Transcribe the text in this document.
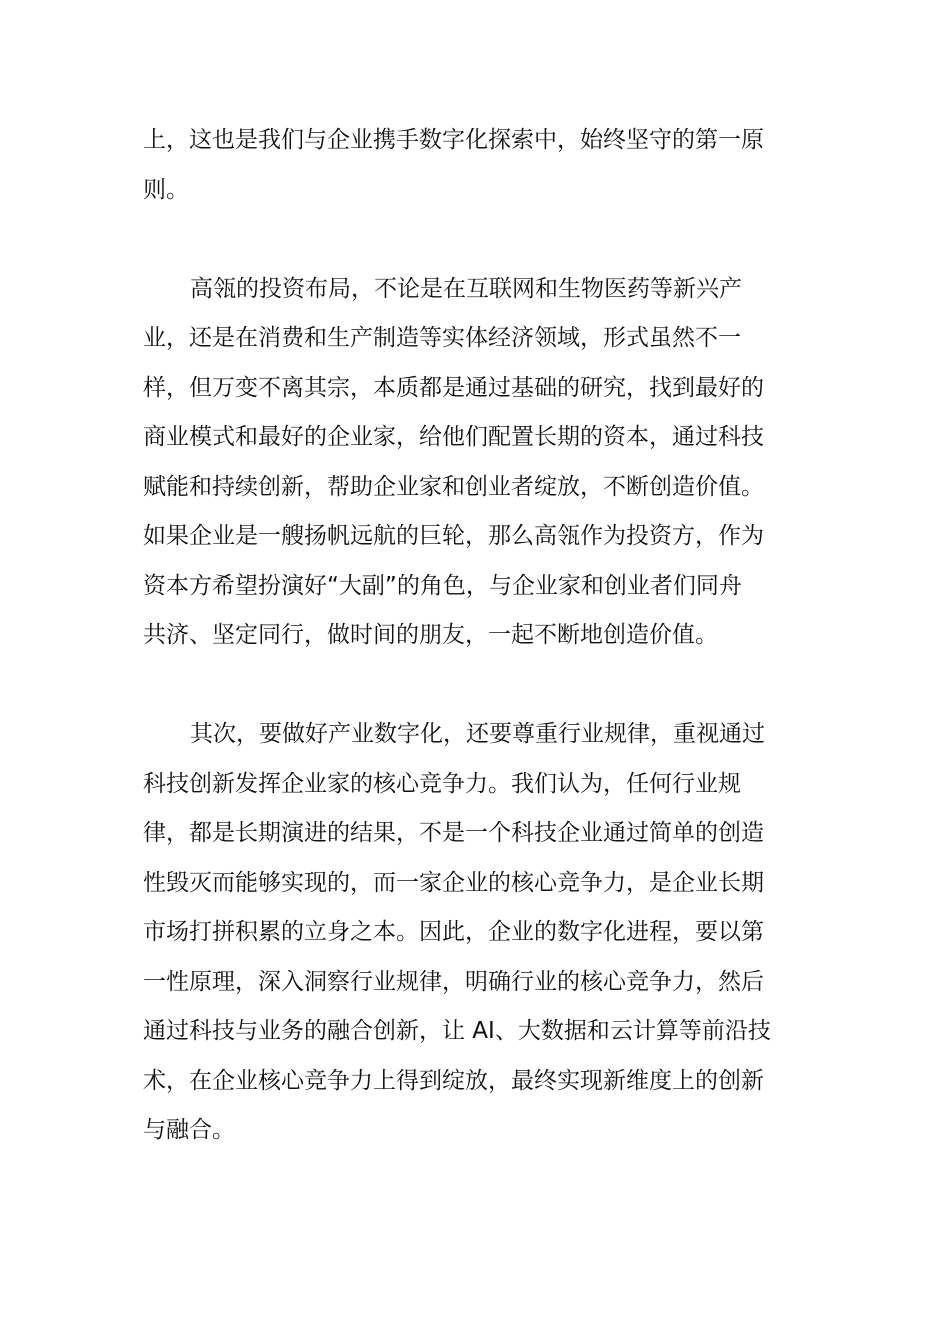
上，这也是我们与企业携手数字化探索中，始终坚守的第一原
则。
高瓴的投资布局，不论是在互联网和生物医药等新兴产
业，还是在消费和生产制造等实体经济领域，形式虽然不一
样，但万变不离其宗，本质都是通过基础的研究，找到最好的
商业模式和最好的企业家，给他们配置长期的资本，通过科技
赋能和持续创新，帮助企业家和创业者绽放，不断创造价值。
如果企业是一艘扬帆远航的巨轮，那么高瓴作为投资方，作为
资本方希望扮演好“大副”的角色，与企业家和创业者们同舟
共济、坚定同行，做时间的朋友，一起不断地创造价值。
其次，要做好产业数字化，还要尊重行业规律，重视通过
科技创新发挥企业家的核心竞争力。我们认为，任何行业规
律，都是长期演进的结果，不是一个科技企业通过简单的创造
性毁灭而能够实现的，而一家企业的核心竞争力，是企业长期
市场打拼积累的立身之本。因此，企业的数字化进程，要以第
一性原理，深入洞察行业规律，明确行业的核心竞争力，然后
通过科技与业务的融合创新，让 AI、大数据和云计算等前沿技
术，在企业核心竞争力上得到绽放，最终实现新维度上的创新
与融合。
